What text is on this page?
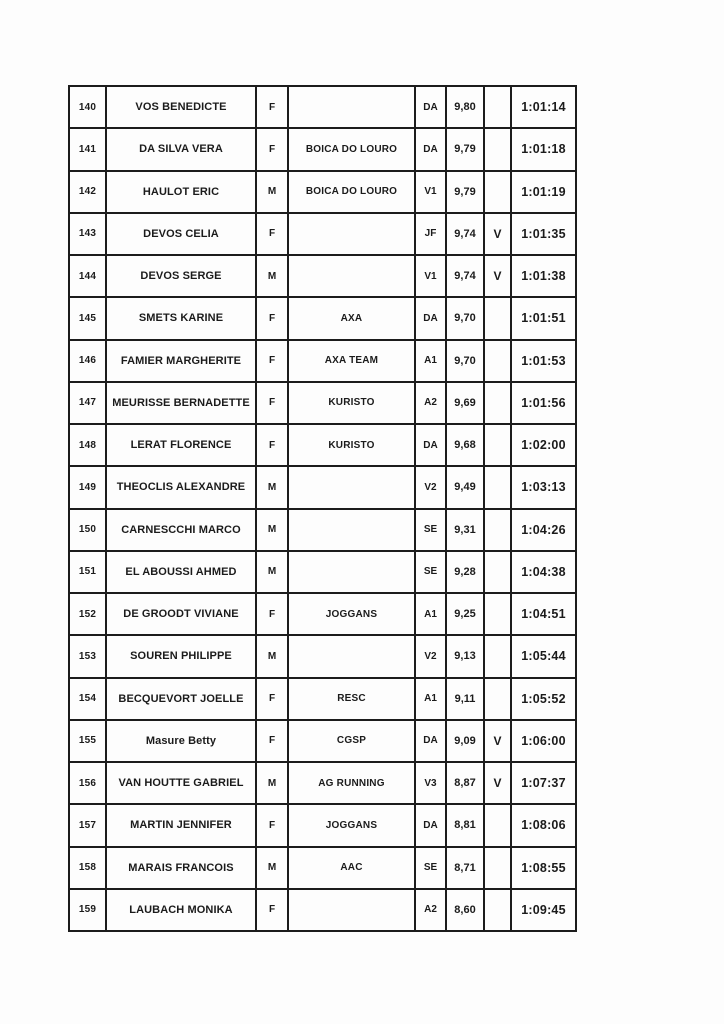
140	VOS BENEDICTE	F		DA	9,80		1:01:14
141	DA SILVA VERA	F	BOICA DO LOURO	DA	9,79		1:01:18
142	HAULOT ERIC	M	BOICA DO LOURO	V1	9,79		1:01:19
143	DEVOS CELIA	F		JF	9,74	V	1:01:35
144	DEVOS SERGE	M		V1	9,74	V	1:01:38
145	SMETS KARINE	F	AXA	DA	9,70		1:01:51
146	FAMIER MARGHERITE	F	AXA TEAM	A1	9,70		1:01:53
147	MEURISSE BERNADETTE	F	KURISTO	A2	9,69		1:01:56
148	LERAT FLORENCE	F	KURISTO	DA	9,68		1:02:00
149	THEOCLIS ALEXANDRE	M		V2	9,49		1:03:13
150	CARNESCCHI MARCO	M		SE	9,31		1:04:26
151	EL ABOUSSI AHMED	M		SE	9,28		1:04:38
152	DE GROODT VIVIANE	F	JOGGANS	A1	9,25		1:04:51
153	SOUREN PHILIPPE	M		V2	9,13		1:05:44
154	BECQUEVORT JOELLE	F	RESC	A1	9,11		1:05:52
155	Masure Betty	F	CGSP	DA	9,09	V	1:06:00
156	VAN HOUTTE GABRIEL	M	AG RUNNING	V3	8,87	V	1:07:37
157	MARTIN JENNIFER	F	JOGGANS	DA	8,81		1:08:06
158	MARAIS FRANCOIS	M	AAC	SE	8,71		1:08:55
159	LAUBACH MONIKA	F		A2	8,60		1:09:45
